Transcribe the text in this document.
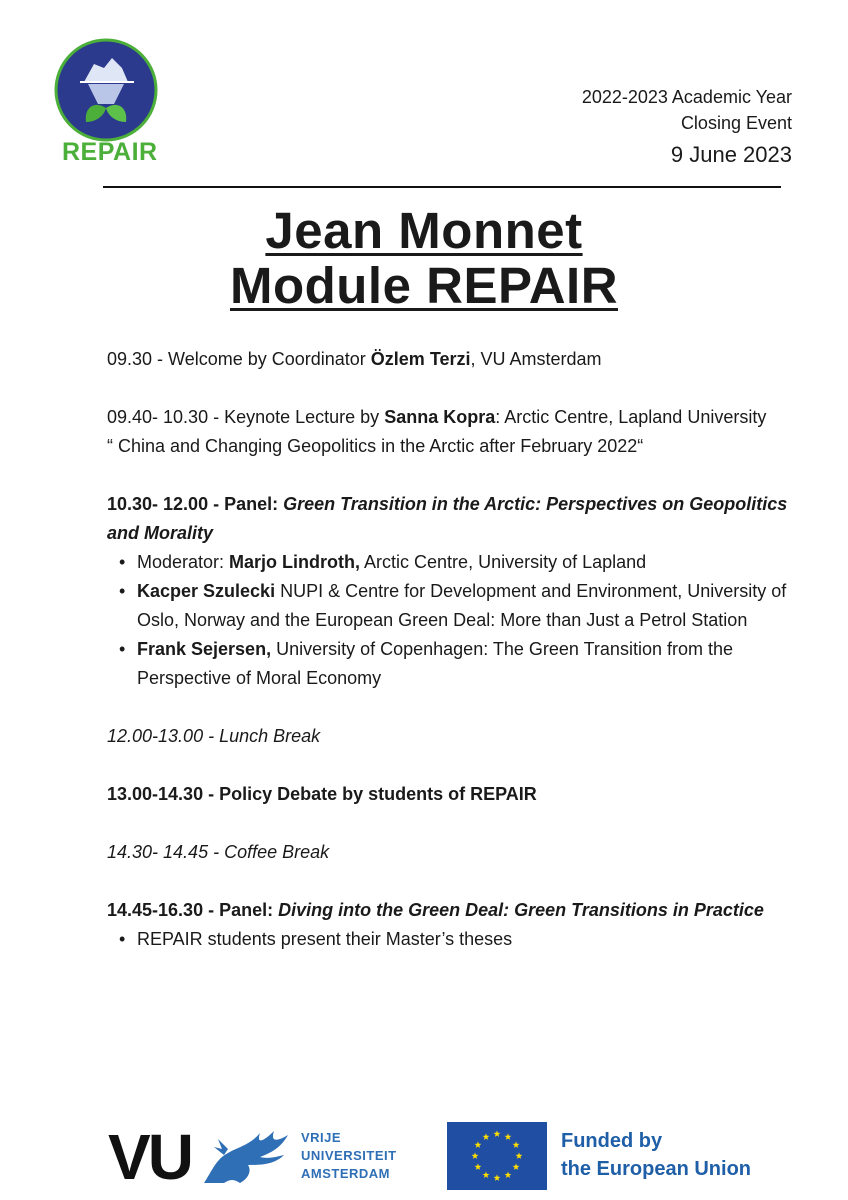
REPAIR
2022-2023 Academic Year
Closing Event
9 June 2023
Jean Monnet
Module REPAIR
09.30 - Welcome by Coordinator Özlem Terzi, VU Amsterdam
09.40- 10.30 - Keynote Lecture by Sanna Kopra: Arctic Centre, Lapland University
“ China and Changing Geopolitics in the Arctic after February 2022“
10.30- 12.00 - Panel: Green Transition in the Arctic: Perspectives on Geopolitics and Morality
• Moderator: Marjo Lindroth, Arctic Centre, University of Lapland
• Kacper Szulecki NUPI & Centre for Development and Environment, University of Oslo, Norway and the European Green Deal: More than Just a Petrol Station
• Frank Sejersen, University of Copenhagen: The Green Transition from the Perspective of Moral Economy
12.00-13.00 - Lunch Break
13.00-14.30 - Policy Debate by students of REPAIR
14.30- 14.45 - Coffee Break
14.45-16.30 - Panel: Diving into the Green Deal: Green Transitions in Practice
• REPAIR students present their Master’s theses
VU	VRIJE
UNIVERSITEIT
AMSTERDAM
Funded by
the European Union
